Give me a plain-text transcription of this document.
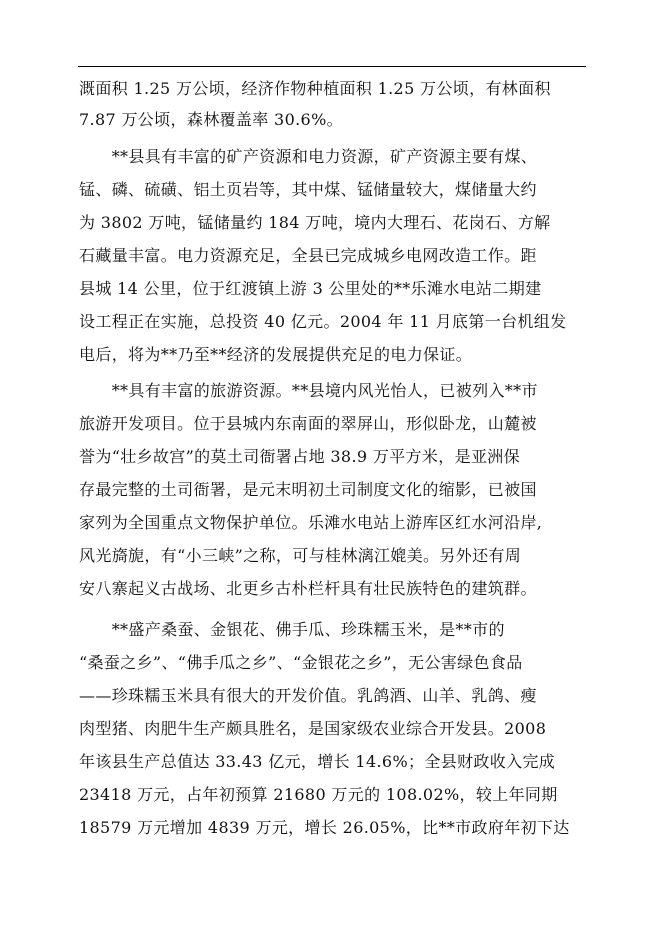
溉面积 1.25 万公顷，经济作物种植面积 1.25 万公顷，有林面积
7.87 万公顷，森林覆盖率 30.6%。
　　**县具有丰富的矿产资源和电力资源，矿产资源主要有煤、
锰、磷、硫磺、铝土页岩等，其中煤、锰储量较大，煤储量大约
为 3802 万吨，锰储量约 184 万吨，境内大理石、花岗石、方解
石藏量丰富。电力资源充足，全县已完成城乡电网改造工作。距
县城 14 公里，位于红渡镇上游 3 公里处的**乐滩水电站二期建
设工程正在实施，总投资 40 亿元。2004 年 11 月底第一台机组发
电后，将为**乃至**经济的发展提供充足的电力保证。
　　**具有丰富的旅游资源。**县境内风光怡人，已被列入**市
旅游开发项目。位于县城内东南面的翠屏山，形似卧龙，山麓被
誉为“壮乡故宫”的莫土司衙署占地 38.9 万平方米，是亚洲保
存最完整的土司衙署，是元末明初土司制度文化的缩影，已被国
家列为全国重点文物保护单位。乐滩水电站上游库区红水河沿岸,
风光旖旎，有“小三峡”之称，可与桂林漓江媲美。另外还有周
安八寨起义古战场、北更乡古朴栏杆具有壮民族特色的建筑群。
　　**盛产桑蚕、金银花、佛手瓜、珍珠糯玉米，是**市的
“桑蚕之乡”、“佛手瓜之乡”、“金银花之乡”，无公害绿色食品
——珍珠糯玉米具有很大的开发价值。乳鸽酒、山羊、乳鸽、瘦
肉型猪、肉肥牛生产颇具胜名，是国家级农业综合开发县。2008
年该县生产总值达 33.43 亿元，增长 14.6%；全县财政收入完成
23418 万元，占年初预算 21680 万元的 108.02%，较上年同期
18579 万元增加 4839 万元，增长 26.05%，比**市政府年初下达
